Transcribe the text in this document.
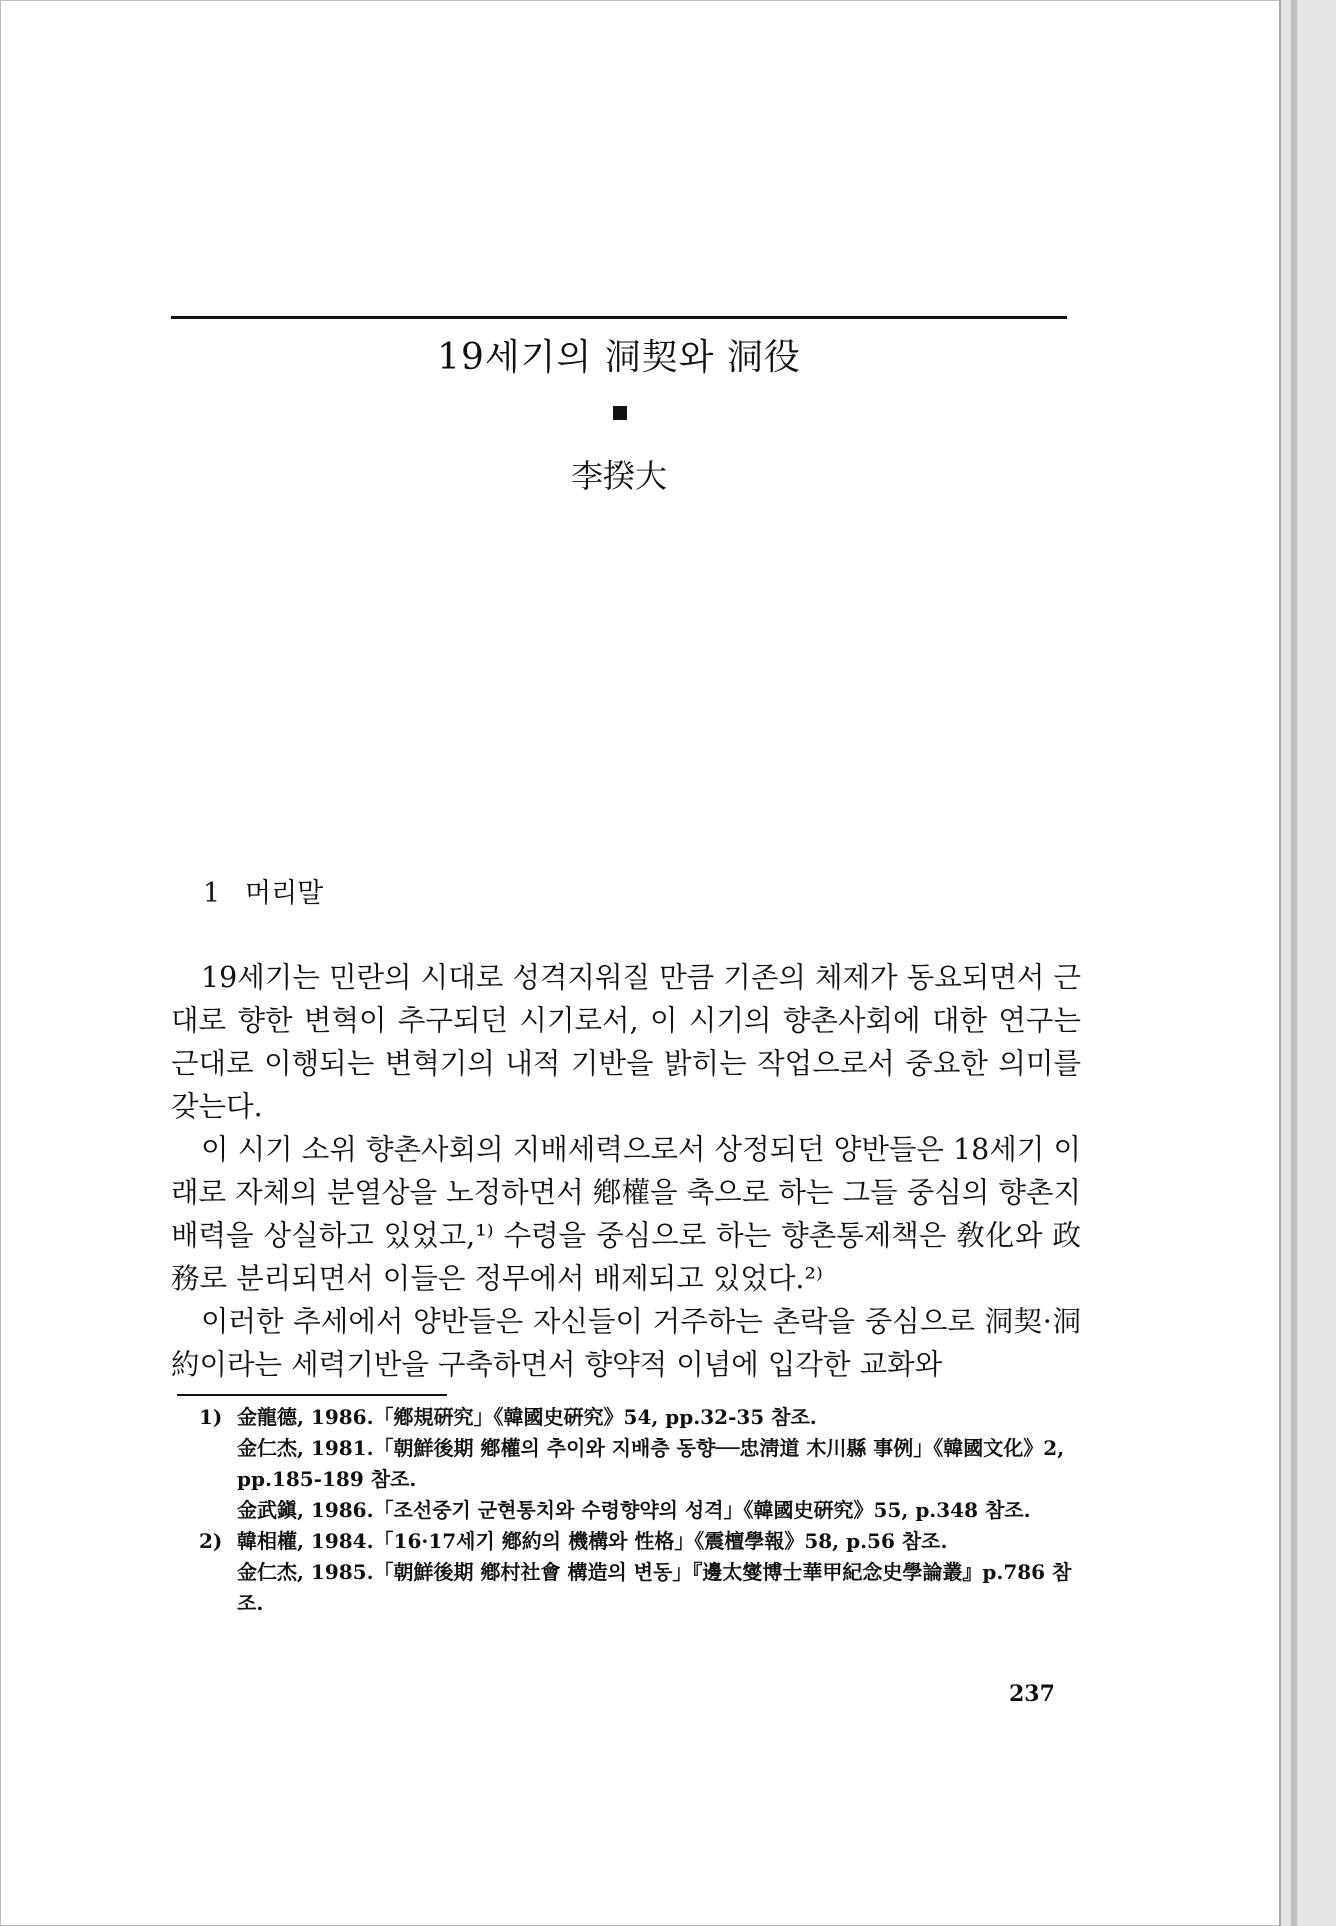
19세기의 洞契와 洞役
李揆大
1 머리말

19세기는 민란의 시대로 성격지워질 만큼 기존의 체제가 동요되면서 근대로 향한 변혁이 추구되던 시기로서, 이 시기의 향촌사회에 대한 연구는 근대로 이행되는 변혁기의 내적 기반을 밝히는 작업으로서 중요한 의미를 갖는다.

이 시기 소위 향촌사회의 지배세력으로서 상정되던 양반들은 18세기 이래로 자체의 분열상을 노정하면서 鄕權을 축으로 하는 그들 중심의 향촌지배력을 상실하고 있었고,¹⁾ 수령을 중심으로 하는 향촌통제책은 敎化와 政務로 분리되면서 이들은 정무에서 배제되고 있었다.²⁾

이러한 추세에서 양반들은 자신들이 거주하는 촌락을 중심으로 洞契·洞約이라는 세력기반을 구축하면서 향약적 이념에 입각한 교화와

1) 金龍德, 1986.「鄕規硏究」《韓國史硏究》54, pp.32-35 참조.
金仁杰, 1981.「朝鮮後期 鄕權의 추이와 지배층 동향──忠淸道 木川縣 事例」《韓國文化》2, pp.185-189 참조.
金武鎭, 1986.「조선중기 군현통치와 수령향약의 성격」《韓國史硏究》55, p.348 참조.
2) 韓相權, 1984.「16·17세기 鄕約의 機構와 性格」《震檀學報》58, p.56 참조.
金仁杰, 1985.「朝鮮後期 鄕村社會 構造의 변동」『邊太燮博士華甲紀念史學論叢』p.786 참조.
237
